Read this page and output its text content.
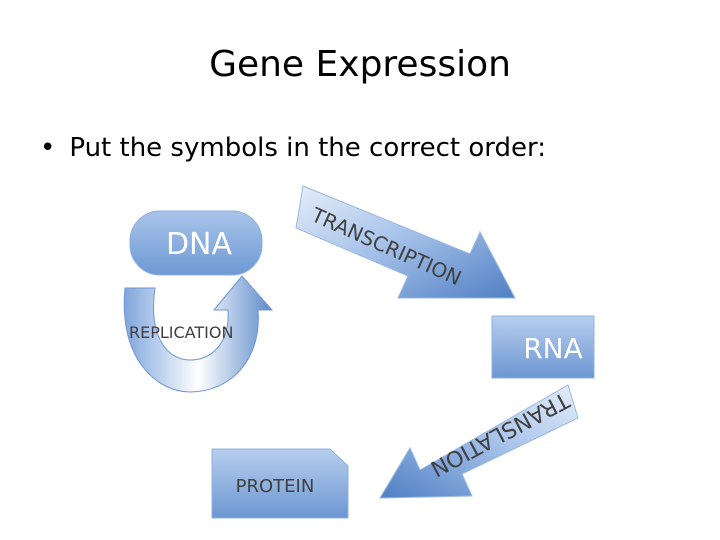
Gene Expression
• Put the symbols in the correct order:
DNA
REPLICATION
TRANSCRIPTION
RNA
TRANSLATION
PROTEIN
